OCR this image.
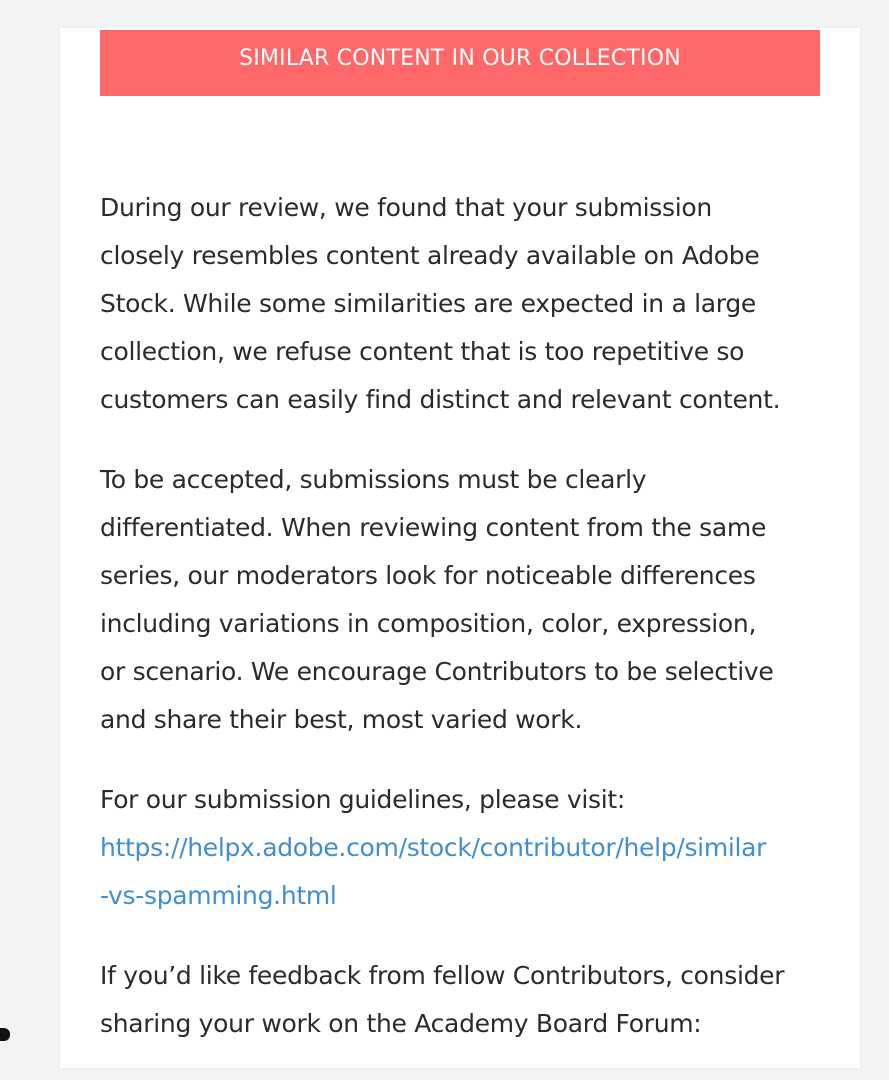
SIMILAR CONTENT IN OUR COLLECTION

During our review, we found that your submission
closely resembles content already available on Adobe
Stock. While some similarities are expected in a large
collection, we refuse content that is too repetitive so
customers can easily find distinct and relevant content.

To be accepted, submissions must be clearly
differentiated. When reviewing content from the same
series, our moderators look for noticeable differences
including variations in composition, color, expression,
or scenario. We encourage Contributors to be selective
and share their best, most varied work.

For our submission guidelines, please visit:
https://helpx.adobe.com/stock/contributor/help/similar
-vs-spamming.html

If you’d like feedback from fellow Contributors, consider
sharing your work on the Academy Board Forum:
